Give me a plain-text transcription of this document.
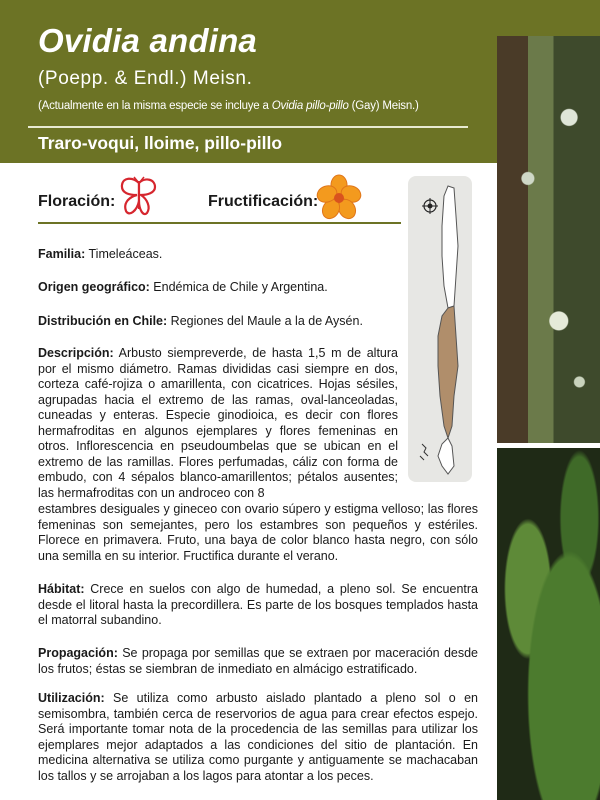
Ovidia andina
(Poepp. & Endl.) Meisn.
(Actualmente en la misma especie se incluye a Ovidia pillo-pillo (Gay) Meisn.)
Traro-voqui, lloime, pillo-pillo
Floración:	Fructificación:
Familia: Timeleáceas.
Origen geográfico: Endémica de Chile y Argentina.
Distribución en Chile: Regiones del Maule a la de Aysén.
Descripción: Arbusto siempreverde, de hasta 1,5 m de altura por el mismo diámetro. Ramas divididas casi siempre en dos, corteza café-rojiza o amarillenta, con cicatrices. Hojas sésiles, agrupadas hacia el extremo de las ramas, oval-lanceoladas, cuneadas y enteras. Especie ginodioica, es decir con flores hermafroditas en algunos ejemplares y flores femeninas en otros. Inflorescencia en pseudoumbelas que se ubican en el extremo de las ramillas. Flores perfumadas, cáliz con forma de embudo, con 4 sépalos blanco-amarillentos; pétalos ausentes; las hermafroditas con un androceo con 8
estambres desiguales y gineceo con ovario súpero y estigma velloso; las flores femeninas son semejantes, pero los estambres son pequeños y estériles. Florece en primavera. Fruto, una baya de color blanco hasta negro, con sólo una semilla en su interior. Fructifica durante el verano.
Hábitat: Crece en suelos con algo de humedad, a pleno sol. Se encuentra desde el litoral hasta la precordillera. Es parte de los bosques templados hasta el matorral subandino.
Propagación: Se propaga por semillas que se extraen por maceración desde los frutos; éstas se siembran de inmediato en almácigo estratificado.
Utilización: Se utiliza como arbusto aislado plantado a pleno sol o en semisombra, también cerca de reservorios de agua para crear efectos espejo. Será importante tomar nota de la procedencia de las semillas para utilizar los ejemplares mejor adaptados a las condiciones del sitio de plantación. En medicina alternativa se utiliza como purgante y antiguamente se machacaban los tallos y se arrojaban a los lagos para atontar a los peces.
